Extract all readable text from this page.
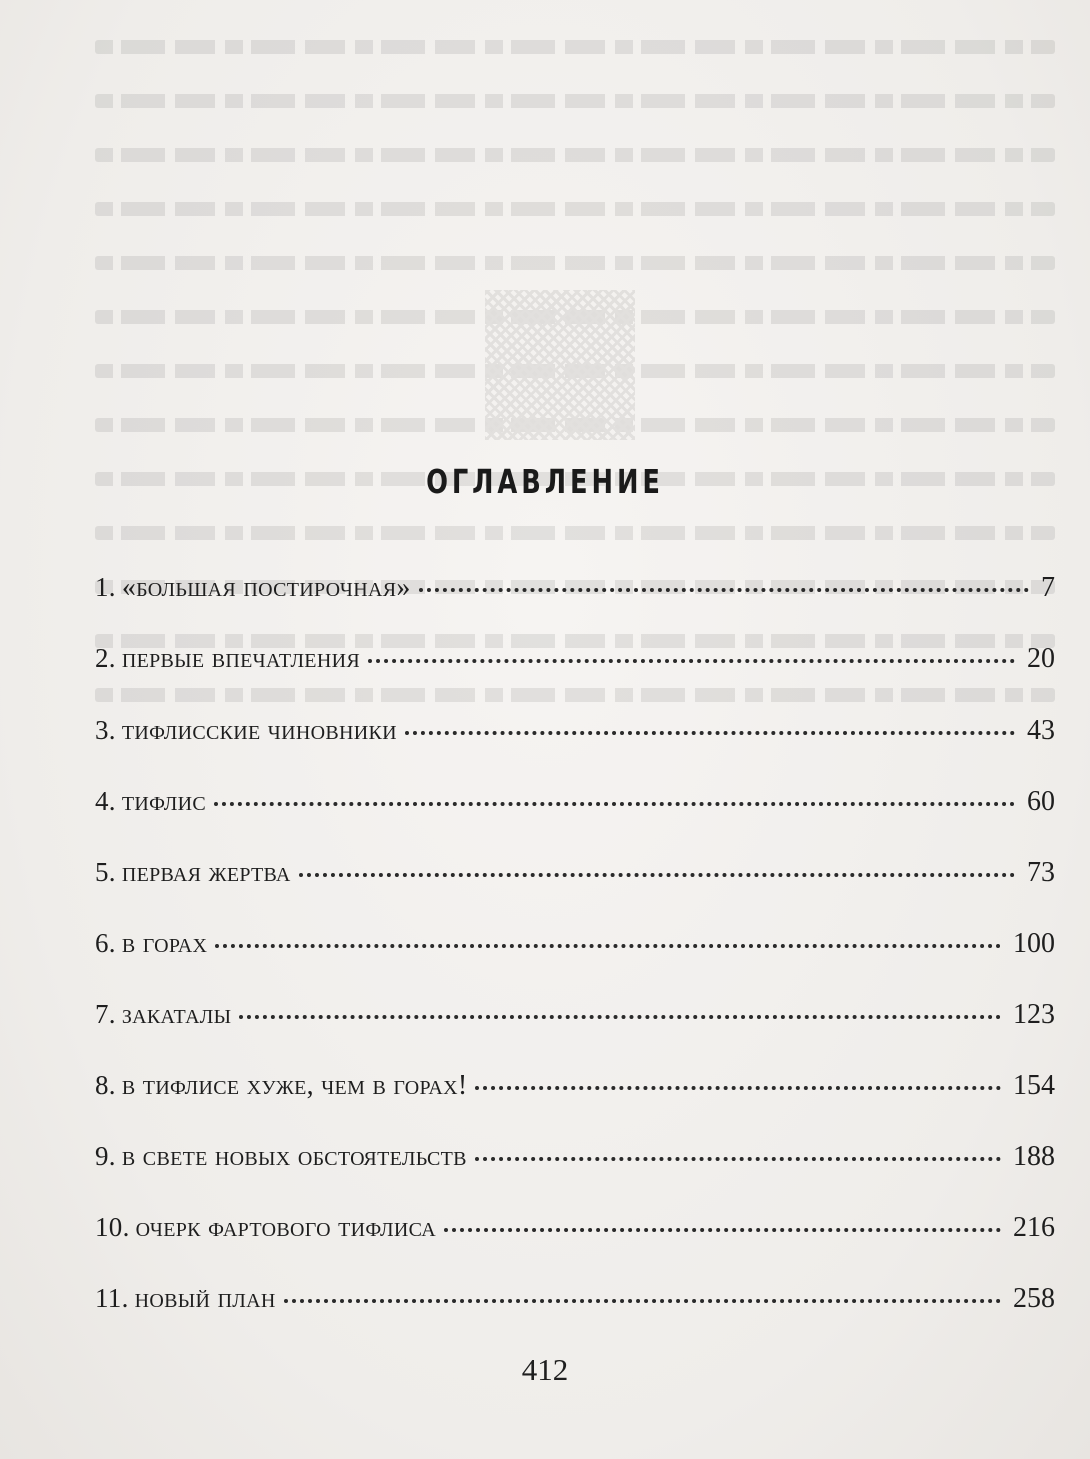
ОГЛАВЛЕНИЕ
1. «большая постирочная»	7
2. первые впечатления	20
3. тифлисские чиновники	43
4. тифлис	60
5. первая жертва	73
6. в горах	100
7. закаталы	123
8. в тифлисе хуже, чем в горах!	154
9. в свете новых обстоятельств	188
10. очерк фартового тифлиса	216
11. новый план	258
412
